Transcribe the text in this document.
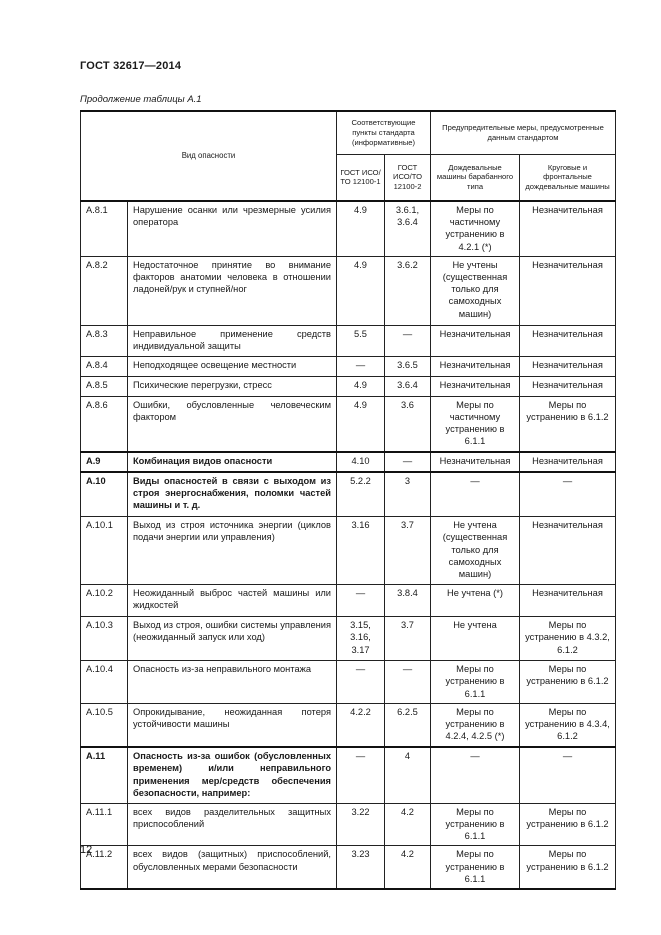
ГОСТ 32617—2014
Продолжение таблицы А.1
Вид опасности		Соответствующие пункты стандарта (информативные)		Предупредительные меры, предусмотренные данным стандартом	
		ГОСТ ИСО/ТО 12100-1	ГОСТ ИСО/ТО 12100-2	Дождевальные машины барабанного типа	Круговые и фронтальные дождевальные машины
А.8.1	Нарушение осанки или чрезмерные усилия оператора	4.9	3.6.1, 3.6.4	Меры по частичному устранению в 4.2.1 (*)	Незначительная
А.8.2	Недостаточное принятие во внимание факторов анатомии человека в отношении ладоней/рук и ступней/ног	4.9	3.6.2	Не учтены (существенная только для самоходных машин)	Незначительная
А.8.3	Неправильное применение средств индивидуальной защиты	5.5	—	Незначительная	Незначительная
А.8.4	Неподходящее освещение местности	—	3.6.5	Незначительная	Незначительная
А.8.5	Психические перегрузки, стресс	4.9	3.6.4	Незначительная	Незначительная
А.8.6	Ошибки, обусловленные человеческим фактором	4.9	3.6	Меры по частичному устранению в 6.1.1	Меры по устранению в 6.1.2
А.9	Комбинация видов опасности	4.10	—	Незначительная	Незначительная
А.10	Виды опасностей в связи с выходом из строя энергоснабжения, поломки частей машины и т. д.	5.2.2	3	—	—
А.10.1	Выход из строя источника энергии (циклов подачи энергии или управления)	3.16	3.7	Не учтена (существенная только для самоходных машин)	Незначительная
А.10.2	Неожиданный выброс частей машины или жидкостей	—	3.8.4	Не учтена (*)	Незначительная
А.10.3	Выход из строя, ошибки системы управления (неожиданный запуск или ход)	3.15, 3.16, 3.17	3.7	Не учтена	Меры по устранению в 4.3.2, 6.1.2
А.10.4	Опасность из-за неправильного монтажа	—	—	Меры по устранению в 6.1.1	Меры по устранению в 6.1.2
А.10.5	Опрокидывание, неожиданная потеря устойчивости машины	4.2.2	6.2.5	Меры по устранению в 4.2.4, 4.2.5 (*)	Меры по устранению в 4.3.4, 6.1.2
А.11	Опасность из-за ошибок (обусловленных временем) и/или неправильного применения мер/средств обеспечения безопасности, например:	—	4	—	—
А.11.1	всех видов разделительных защитных приспособлений	3.22	4.2	Меры по устранению в 6.1.1	Меры по устранению в 6.1.2
А.11.2	всех видов (защитных) приспособлений, обусловленных мерами безопасности	3.23	4.2	Меры по устранению в 6.1.1	Меры по устранению в 6.1.2
12
